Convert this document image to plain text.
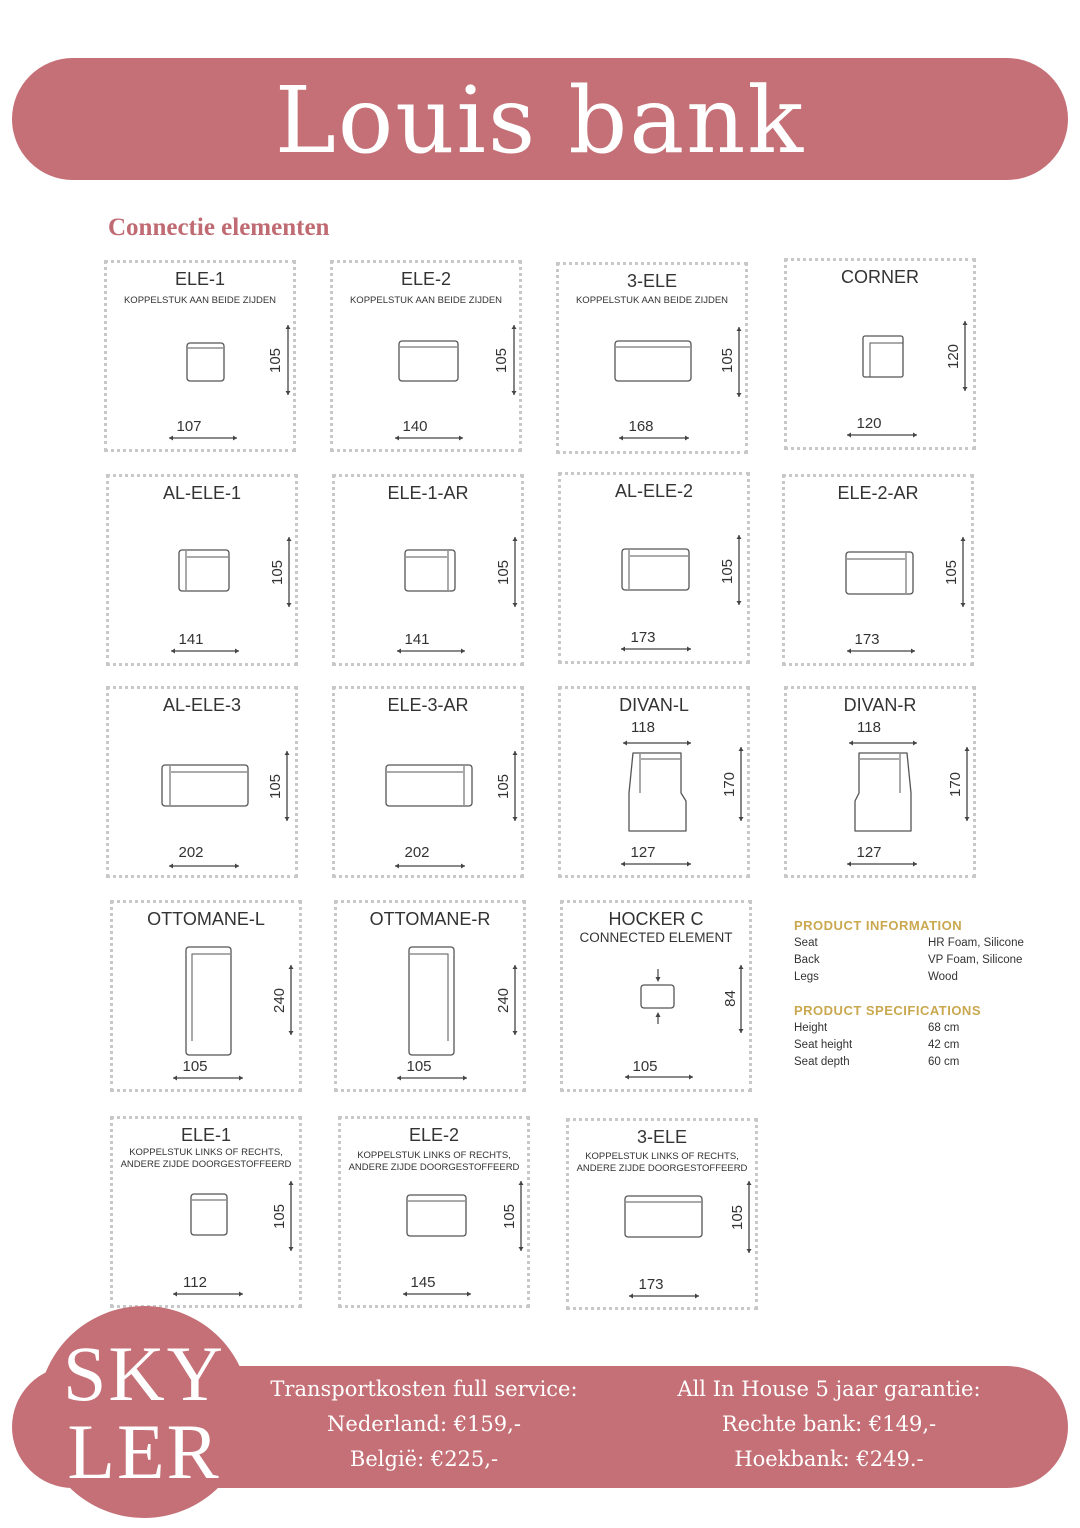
Louis bank
Connectie elementen
ELE-1
KOPPELSTUK AAN BEIDE ZIJDEN
107
105
ELE-2
KOPPELSTUK AAN BEIDE ZIJDEN
140
105
3-ELE
KOPPELSTUK AAN BEIDE ZIJDEN
168
105
CORNER
120
120
AL-ELE-1
141
105
ELE-1-AR
141
105
AL-ELE-2
173
105
ELE-2-AR
173
105
AL-ELE-3
202
105
ELE-3-AR
202
105
DIVAN-L
118
127
170
DIVAN-R
118
127
170
OTTOMANE-L
105
240
OTTOMANE-R
105
240
HOCKER C
CONNECTED ELEMENT
105
84
PRODUCT INFORMATION
Seat	HR Foam, Silicone
Back	VP Foam, Silicone
Legs	Wood
PRODUCT SPECIFICATIONS
Height	68 cm
Seat height	42 cm
Seat depth	60 cm
ELE-1
KOPPELSTUK LINKS OF RECHTS,
ANDERE ZIJDE DOORGESTOFFEERD
112
105
ELE-2
KOPPELSTUK LINKS OF RECHTS,
ANDERE ZIJDE DOORGESTOFFEERD
145
105
3-ELE
KOPPELSTUK LINKS OF RECHTS,
ANDERE ZIJDE DOORGESTOFFEERD
173
105
Transportkosten full service:
Nederland: €159,-
België: €225,-
All In House 5 jaar garantie:
Rechte bank: €149,-
Hoekbank: €249.-
SKY
LER
